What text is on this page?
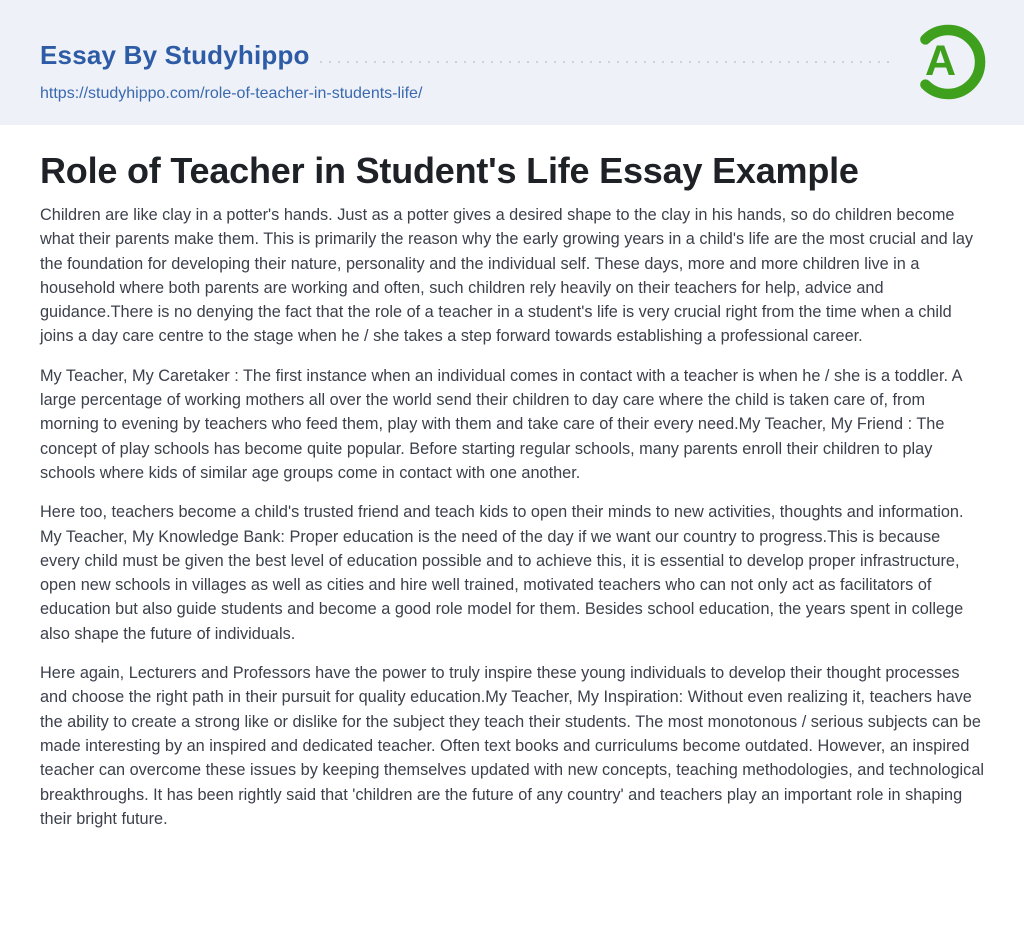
Essay By Studyhippo
https://studyhippo.com/role-of-teacher-in-students-life/
A
Role of Teacher in Student's Life Essay Example

Children are like clay in a potter's hands. Just as a potter gives a desired shape to the clay in his hands, so do children become what their parents make them. This is primarily the reason why the early growing years in a child's life are the most crucial and lay the foundation for developing their nature, personality and the individual self. These days, more and more children live in a household where both parents are working and often, such children rely heavily on their teachers for help, advice and guidance.There is no denying the fact that the role of a teacher in a student's life is very crucial right from the time when a child joins a day care centre to the stage when he / she takes a step forward towards establishing a professional career.

My Teacher, My Caretaker : The first instance when an individual comes in contact with a teacher is when he / she is a toddler. A large percentage of working mothers all over the world send their children to day care where the child is taken care of, from morning to evening by teachers who feed them, play with them and take care of their every need.My Teacher, My Friend : The concept of play schools has become quite popular. Before starting regular schools, many parents enroll their children to play schools where kids of similar age groups come in contact with one another.

Here too, teachers become a child's trusted friend and teach kids to open their minds to new activities, thoughts and information. My Teacher, My Knowledge Bank: Proper education is the need of the day if we want our country to progress.This is because every child must be given the best level of education possible and to achieve this, it is essential to develop proper infrastructure, open new schools in villages as well as cities and hire well trained, motivated teachers who can not only act as facilitators of education but also guide students and become a good role model for them. Besides school education, the years spent in college also shape the future of individuals.

Here again, Lecturers and Professors have the power to truly inspire these young individuals to develop their thought processes and choose the right path in their pursuit for quality education.My Teacher, My Inspiration: Without even realizing it, teachers have the ability to create a strong like or dislike for the subject they teach their students. The most monotonous / serious subjects can be made interesting by an inspired and dedicated teacher. Often text books and curriculums become outdated. However, an inspired teacher can overcome these issues by keeping themselves updated with new concepts, teaching methodologies, and technological breakthroughs. It has been rightly said that 'children are the future of any country' and teachers play an important role in shaping their bright future.
